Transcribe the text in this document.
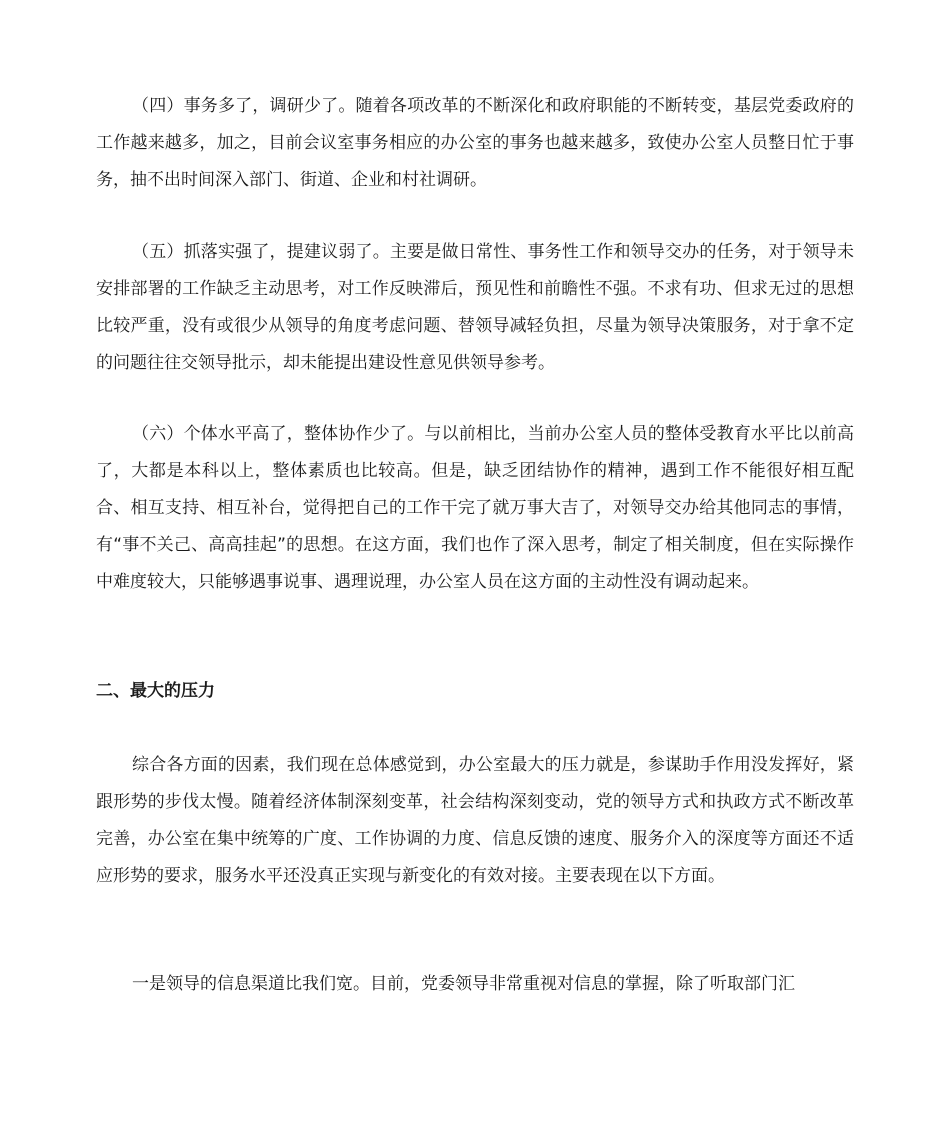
（四）事务多了，调研少了。随着各项改革的不断深化和政府职能的不断转变，基层党委政府的工作越来越多，加之，目前会议室事务相应的办公室的事务也越来越多，致使办公室人员整日忙于事务，抽不出时间深入部门、街道、企业和村社调研。

（五）抓落实强了，提建议弱了。主要是做日常性、事务性工作和领导交办的任务，对于领导未安排部署的工作缺乏主动思考，对工作反映滞后，预见性和前瞻性不强。不求有功、但求无过的思想比较严重，没有或很少从领导的角度考虑问题、替领导减轻负担，尽量为领导决策服务，对于拿不定的问题往往交领导批示，却未能提出建设性意见供领导参考。

（六）个体水平高了，整体协作少了。与以前相比，当前办公室人员的整体受教育水平比以前高了，大都是本科以上，整体素质也比较高。但是，缺乏团结协作的精神，遇到工作不能很好相互配合、相互支持、相互补台，觉得把自己的工作干完了就万事大吉了，对领导交办给其他同志的事情，有“事不关己、高高挂起”的思想。在这方面，我们也作了深入思考，制定了相关制度，但在实际操作中难度较大，只能够遇事说事、遇理说理，办公室人员在这方面的主动性没有调动起来。

二、最大的压力

综合各方面的因素，我们现在总体感觉到，办公室最大的压力就是，参谋助手作用没发挥好，紧跟形势的步伐太慢。随着经济体制深刻变革，社会结构深刻变动，党的领导方式和执政方式不断改革完善，办公室在集中统筹的广度、工作协调的力度、信息反馈的速度、服务介入的深度等方面还不适应形势的要求，服务水平还没真正实现与新变化的有效对接。主要表现在以下方面。

一是领导的信息渠道比我们宽。目前，党委领导非常重视对信息的掌握，除了听取部门汇
